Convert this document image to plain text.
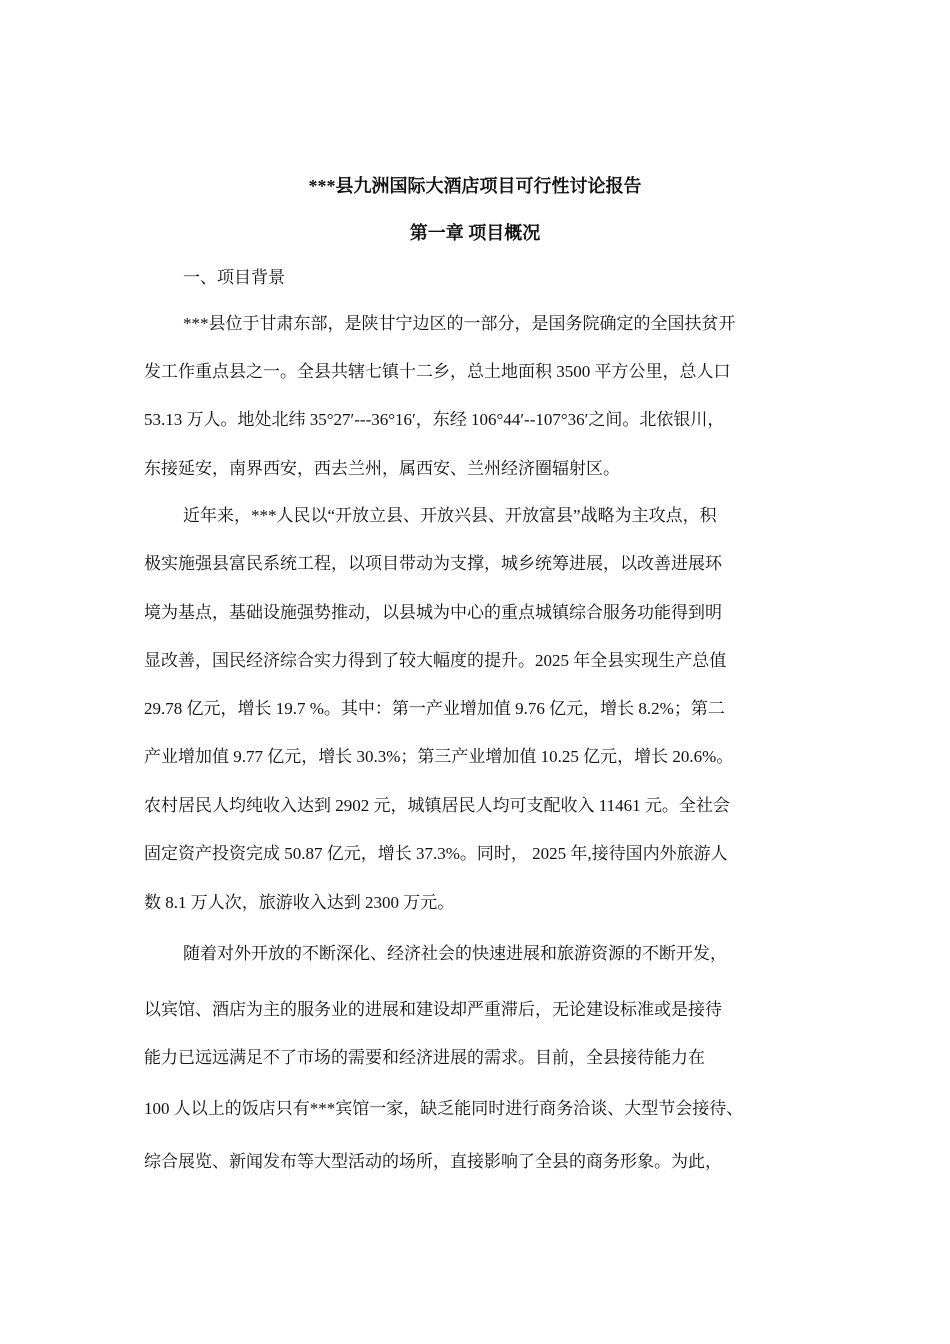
***县九洲国际大酒店项目可行性讨论报告
第一章 项目概况
一、项目背景
***县位于甘肃东部，是陕甘宁边区的一部分，是国务院确定的全国扶贫开
发工作重点县之一。全县共辖七镇十二乡，总土地面积 3500 平方公里，总人口
53.13 万人。地处北纬 35°27′---36°16′，东经 106°44′--107°36′之间。北依银川，
东接延安，南界西安，西去兰州，属西安、兰州经济圈辐射区。
近年来，***人民以“开放立县、开放兴县、开放富县”战略为主攻点，积
极实施强县富民系统工程，以项目带动为支撑，城乡统筹进展，以改善进展环
境为基点，基础设施强势推动，以县城为中心的重点城镇综合服务功能得到明
显改善，国民经济综合实力得到了较大幅度的提升。2025 年全县实现生产总值
29.78 亿元，增长 19.7 %。其中：第一产业增加值 9.76 亿元，增长 8.2%；第二
产业增加值 9.77 亿元，增长 30.3%；第三产业增加值 10.25 亿元，增长 20.6%。
农村居民人均纯收入达到 2902 元，城镇居民人均可支配收入 11461 元。全社会
固定资产投资完成 50.87 亿元，增长 37.3%。同时， 2025 年,接待国内外旅游人
数 8.1 万人次，旅游收入达到 2300 万元。
随着对外开放的不断深化、经济社会的快速进展和旅游资源的不断开发，
以宾馆、酒店为主的服务业的进展和建设却严重滞后，无论建设标准或是接待
能力已远远满足不了市场的需要和经济进展的需求。目前，全县接待能力在
100 人以上的饭店只有***宾馆一家，缺乏能同时进行商务洽谈、大型节会接待、
综合展览、新闻发布等大型活动的场所，直接影响了全县的商务形象。为此，
